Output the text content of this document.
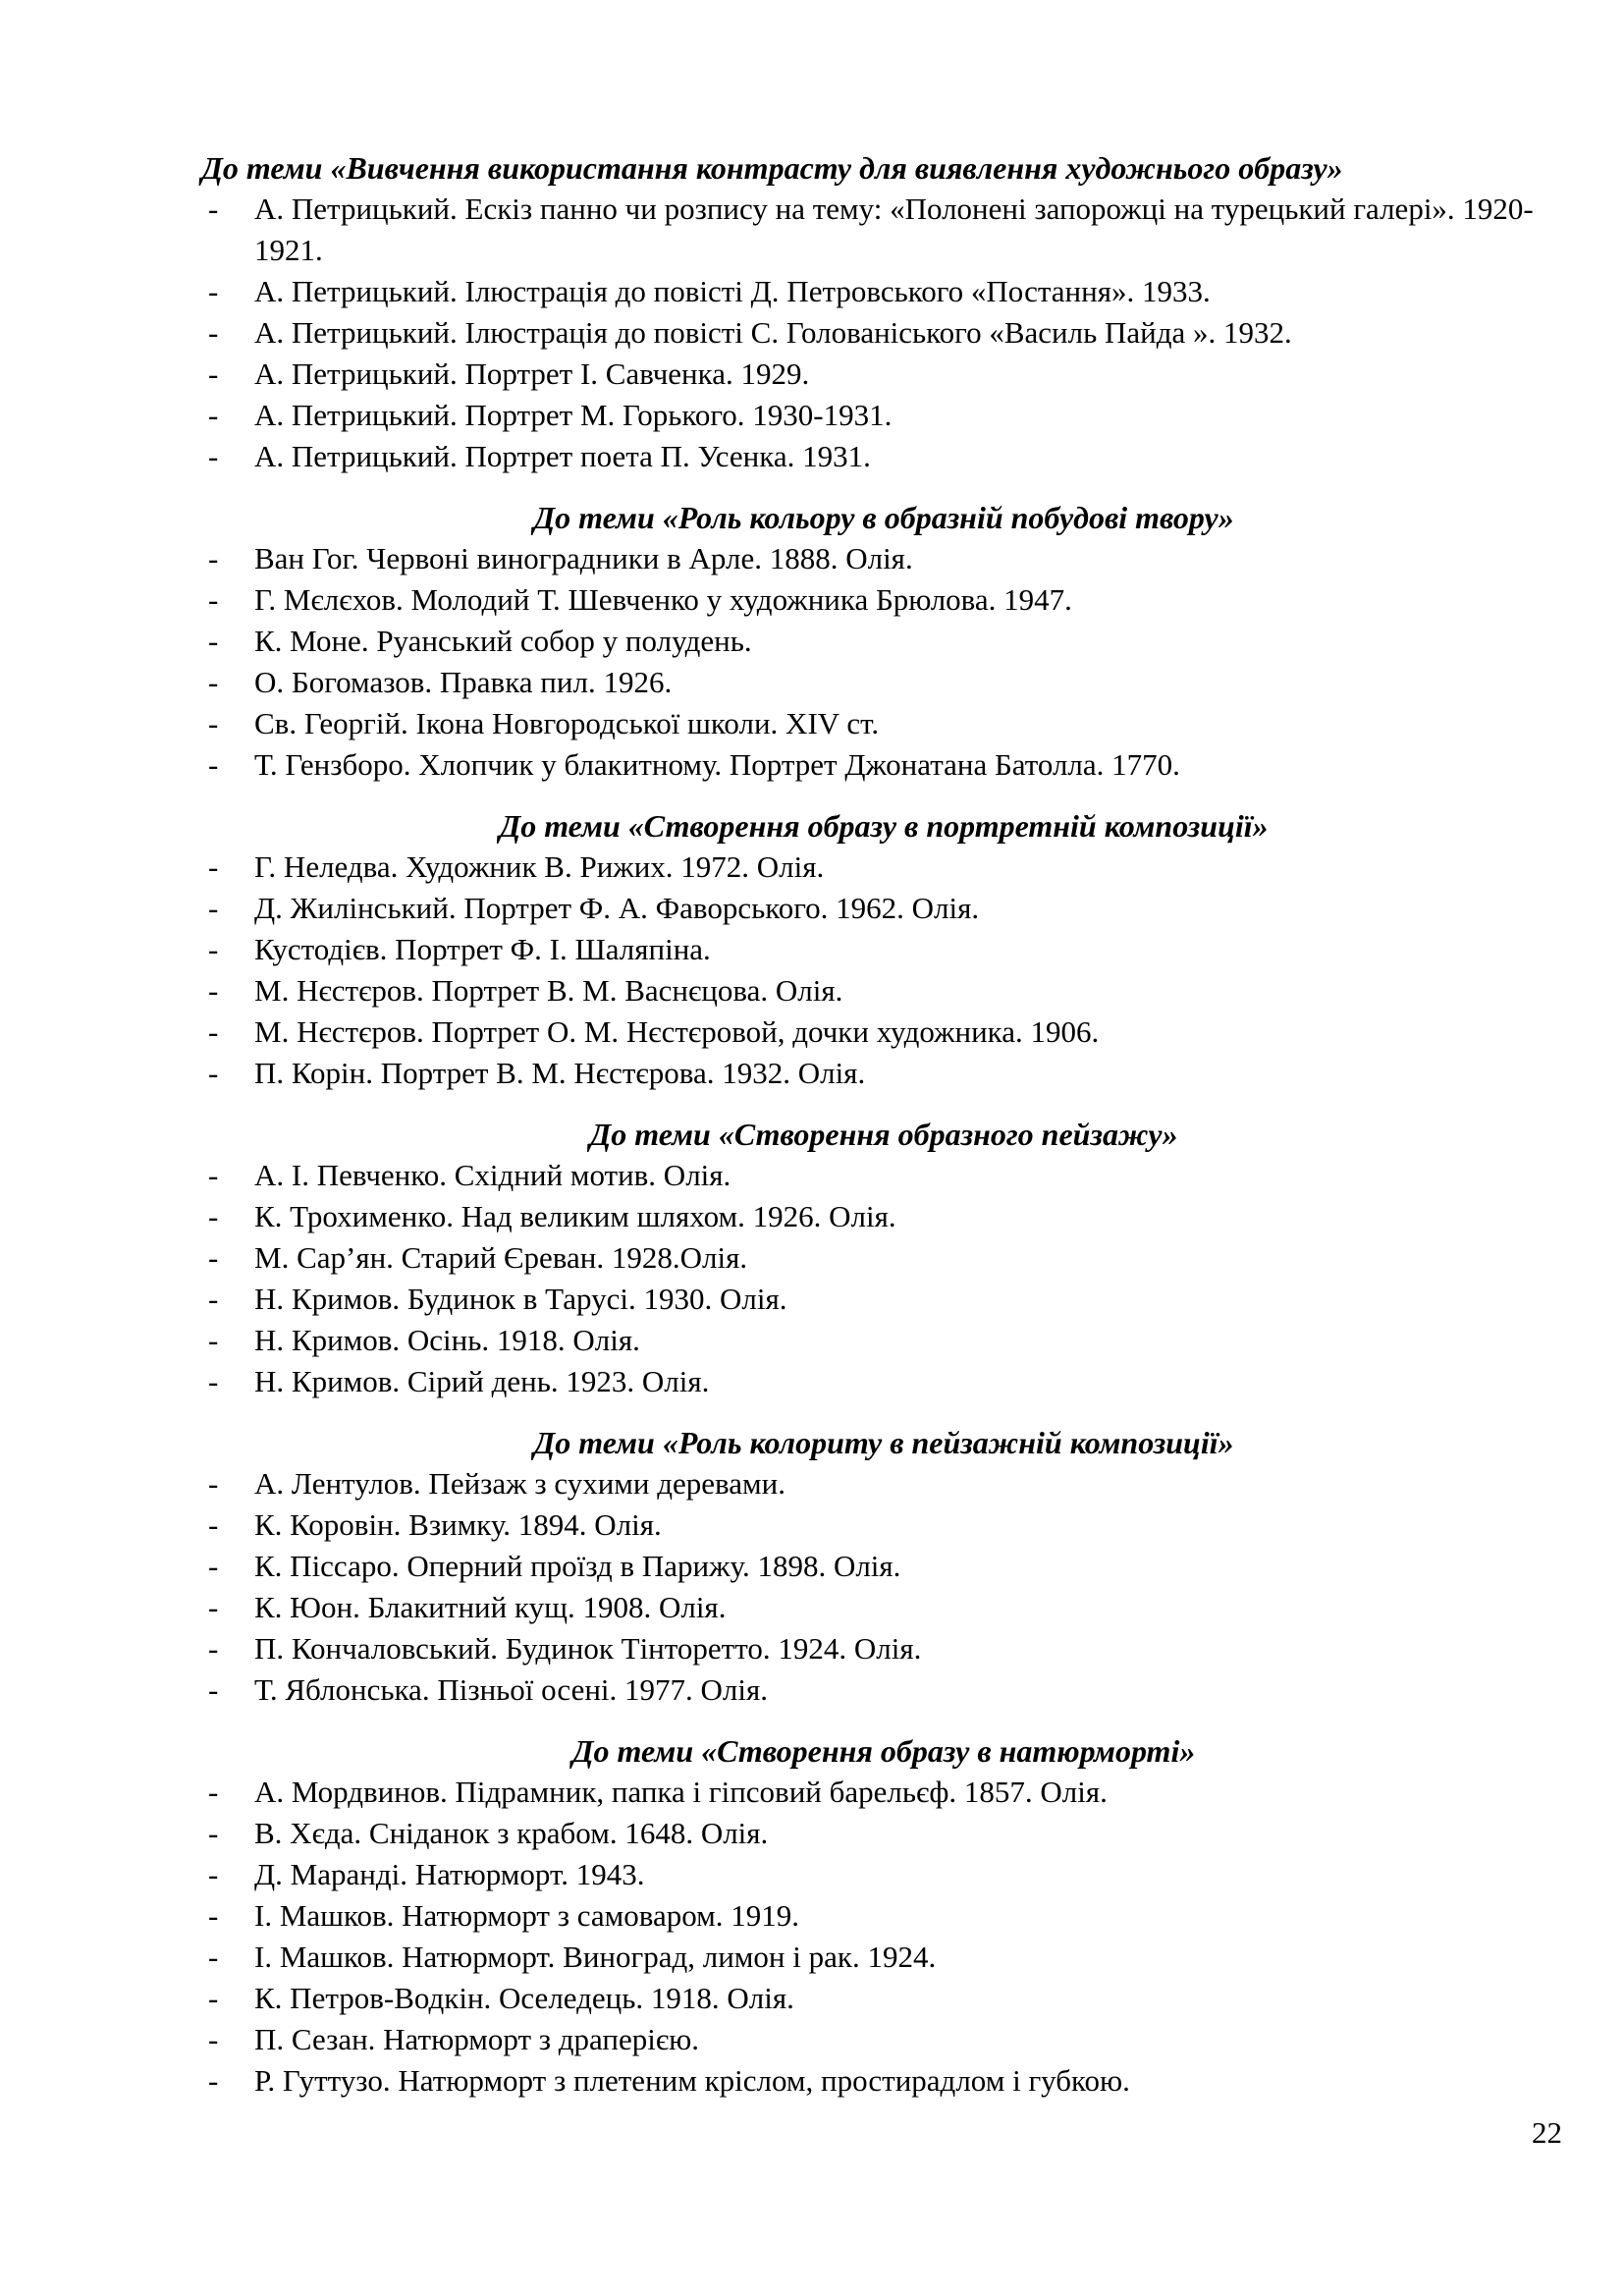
До теми «Вивчення використання контрасту для виявлення художнього образу»
- А. Петрицький. Ескіз панно чи розпису на тему: «Полонені запорожці на турецький галері». 1920-1921.
- А. Петрицький. Ілюстрація до повісті Д. Петровського «Постання». 1933.
- А. Петрицький. Ілюстрація до повісті С. Голованіського «Василь Пайда ». 1932.
- А. Петрицький. Портрет І. Савченка. 1929.
- А. Петрицький. Портрет М. Горького. 1930-1931.
- А. Петрицький. Портрет поета П. Усенка. 1931.
До теми «Роль кольору в образній побудові твору»
- Ван Гог. Червоні виноградники в Арле. 1888. Олія.
- Г. Мєлєхов. Молодий Т. Шевченко у художника Брюлова. 1947.
- К. Моне. Руанський собор у полудень.
- О. Богомазов. Правка пил. 1926.
- Св. Георгій. Ікона Новгородської школи. XIV ст.
- Т. Гензборо. Хлопчик у блакитному. Портрет Джонатана Батолла. 1770.
До теми «Створення образу в портретній композиції»
- Г. Неледва. Художник В. Рижих. 1972. Олія.
- Д. Жилінський. Портрет Ф. А. Фаворського. 1962. Олія.
- Кустодієв. Портрет Ф. І. Шаляпіна.
- М. Нєстєров. Портрет В. М. Васнєцова. Олія.
- М. Нєстєров. Портрет О. М. Нєстєровой, дочки художника. 1906.
- П. Корін. Портрет В. М. Нєстєрова. 1932. Олія.
До теми «Створення образного пейзажу»
- А. І. Певченко. Східний мотив. Олія.
- К. Трохименко. Над великим шляхом. 1926. Олія.
- М. Сар’ян. Старий Єреван. 1928.Олія.
- Н. Кримов. Будинок в Тарусі. 1930. Олія.
- Н. Кримов. Осінь. 1918. Олія.
- Н. Кримов. Сірий день. 1923. Олія.
До теми «Роль колориту в пейзажній композиції»
- А. Лентулов. Пейзаж з сухими деревами.
- К. Коровін. Взимку. 1894. Олія.
- К. Піссаро. Оперний проїзд в Парижу. 1898. Олія.
- К. Юон. Блакитний кущ. 1908. Олія.
- П. Кончаловський. Будинок Тінторетто. 1924. Олія.
- Т. Яблонська. Пізньої осені. 1977. Олія.
До теми «Створення образу в натюрморті»
- А. Мордвинов. Підрамник, папка і гіпсовий барельєф. 1857. Олія.
- В. Хєда. Сніданок з крабом. 1648. Олія.
- Д. Маранді. Натюрморт. 1943.
- І. Машков. Натюрморт з самоваром. 1919.
- І. Машков. Натюрморт. Виноград, лимон і рак. 1924.
- К. Петров-Водкін. Оселедець. 1918. Олія.
- П. Сезан. Натюрморт з драперією.
- Р. Гуттузо. Натюрморт з плетеним кріслом, простирадлом і губкою.
22
